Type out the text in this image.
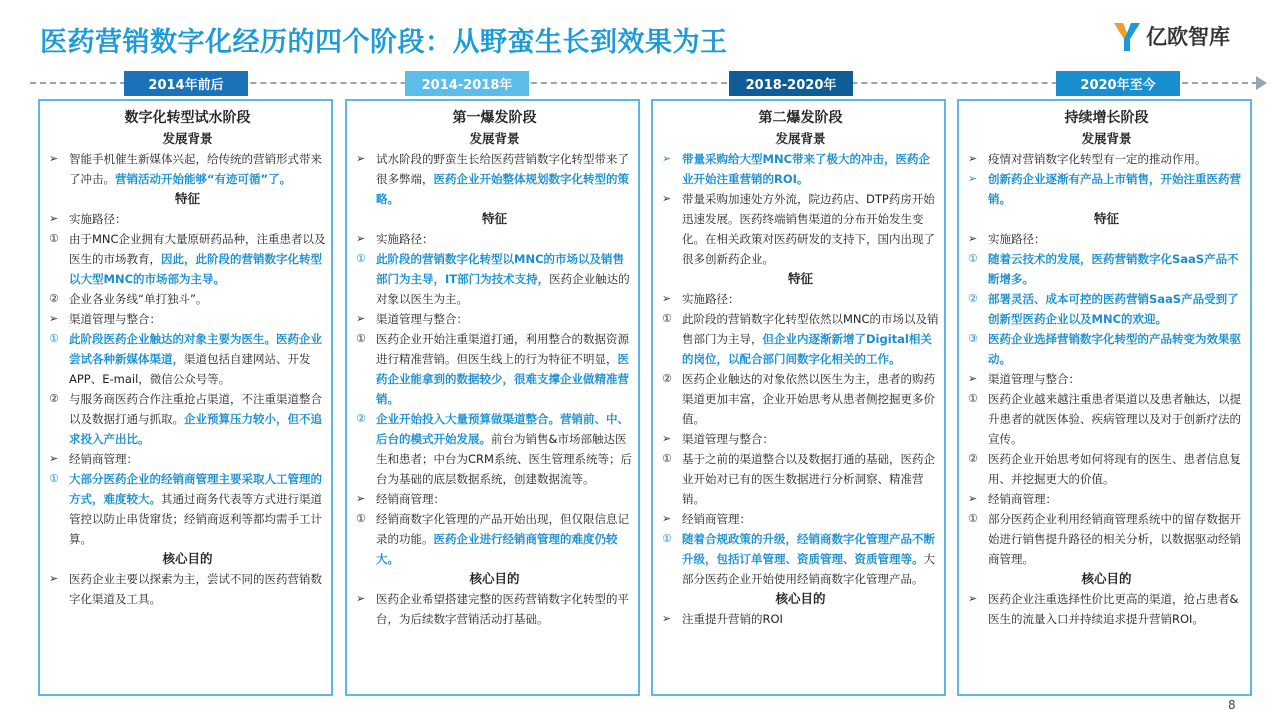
医药营销数字化经历的四个阶段：从野蛮生长到效果为王	亿欧智库
2014年前后	2014-2018年	2018-2020年	2020年至今
数字化转型试水阶段
发展背景
➢ 智能手机催生新媒体兴起，给传统的营销形式带来了冲击。营销活动开始能够“有迹可循”了。
特征
➢ 实施路径：
① 由于MNC企业拥有大量原研药品种，注重患者以及医生的市场教育，因此，此阶段的营销数字化转型以大型MNC的市场部为主导。
② 企业各业务线“单打独斗”。
➢ 渠道管理与整合：
① 此阶段医药企业触达的对象主要为医生。医药企业尝试各种新媒体渠道，渠道包括自建网站、开发APP、E-mail，微信公众号等。
② 与服务商医药合作注重抢占渠道，不注重渠道整合以及数据打通与抓取。企业预算压力较小，但不追求投入产出比。
➢ 经销商管理：
① 大部分医药企业的经销商管理主要采取人工管理的方式，难度较大。其通过商务代表等方式进行渠道管控以防止串货窜货；经销商返利等都均需手工计算。
核心目的
➢ 医药企业主要以探索为主，尝试不同的医药营销数字化渠道及工具。
第一爆发阶段
发展背景
➢ 试水阶段的野蛮生长给医药营销数字化转型带来了很多弊端，医药企业开始整体规划数字化转型的策略。
特征
➢ 实施路径：
① 此阶段的营销数字化转型以MNC的市场以及销售部门为主导，IT部门为技术支持，医药企业触达的对象以医生为主。
➢ 渠道管理与整合：
① 医药企业开始注重渠道打通，利用整合的数据资源进行精准营销。但医生线上的行为特征不明显，医药企业能拿到的数据较少，很难支撑企业做精准营销。
② 企业开始投入大量预算做渠道整合。营销前、中、后台的模式开始发展。前台为销售&市场部触达医生和患者；中台为CRM系统、医生管理系统等；后台为基础的底层数据系统，创建数据流等。
➢ 经销商管理：
① 经销商数字化管理的产品开始出现，但仅限信息记录的功能。医药企业进行经销商管理的难度仍较大。
核心目的
➢ 医药企业希望搭建完整的医药营销数字化转型的平台，为后续数字营销活动打基础。
第二爆发阶段
发展背景
➢ 带量采购给大型MNC带来了极大的冲击，医药企业开始注重营销的ROI。
➢ 带量采购加速处方外流，院边药店、DTP药房开始迅速发展。医药终端销售渠道的分布开始发生变化。在相关政策对医药研发的支持下，国内出现了很多创新药企业。
特征
➢ 实施路径：
① 此阶段的营销数字化转型依然以MNC的市场以及销售部门为主导，但企业内逐渐新增了Digital相关的岗位，以配合部门间数字化相关的工作。
② 医药企业触达的对象依然以医生为主，患者的购药渠道更加丰富，企业开始思考从患者侧挖掘更多价值。
➢ 渠道管理与整合：
① 基于之前的渠道整合以及数据打通的基础，医药企业开始对已有的医生数据进行分析洞察、精准营销。
➢ 经销商管理：
① 随着合规政策的升级，经销商数字化管理产品不断升级，包括订单管理、资质管理、资质管理等。大部分医药企业开始使用经销商数字化管理产品。
核心目的
➢ 注重提升营销的ROI
持续增长阶段
发展背景
➢ 疫情对营销数字化转型有一定的推动作用。
➢ 创新药企业逐渐有产品上市销售，开始注重医药营销。
特征
➢ 实施路径：
① 随着云技术的发展，医药营销数字化SaaS产品不断增多。
② 部署灵活、成本可控的医药营销SaaS产品受到了创新型医药企业以及MNC的欢迎。
③ 医药企业选择营销数字化转型的产品转变为效果驱动。
➢ 渠道管理与整合：
① 医药企业越来越注重患者渠道以及患者触达，以提升患者的就医体验、疾病管理以及对于创新疗法的宣传。
② 医药企业开始思考如何将现有的医生、患者信息复用、并挖掘更大的价值。
➢ 经销商管理：
① 部分医药企业利用经销商管理系统中的留存数据开始进行销售提升路径的相关分析，以数据驱动经销商管理。
核心目的
➢ 医药企业注重选择性价比更高的渠道，抢占患者&医生的流量入口并持续追求提升营销ROI。
8
